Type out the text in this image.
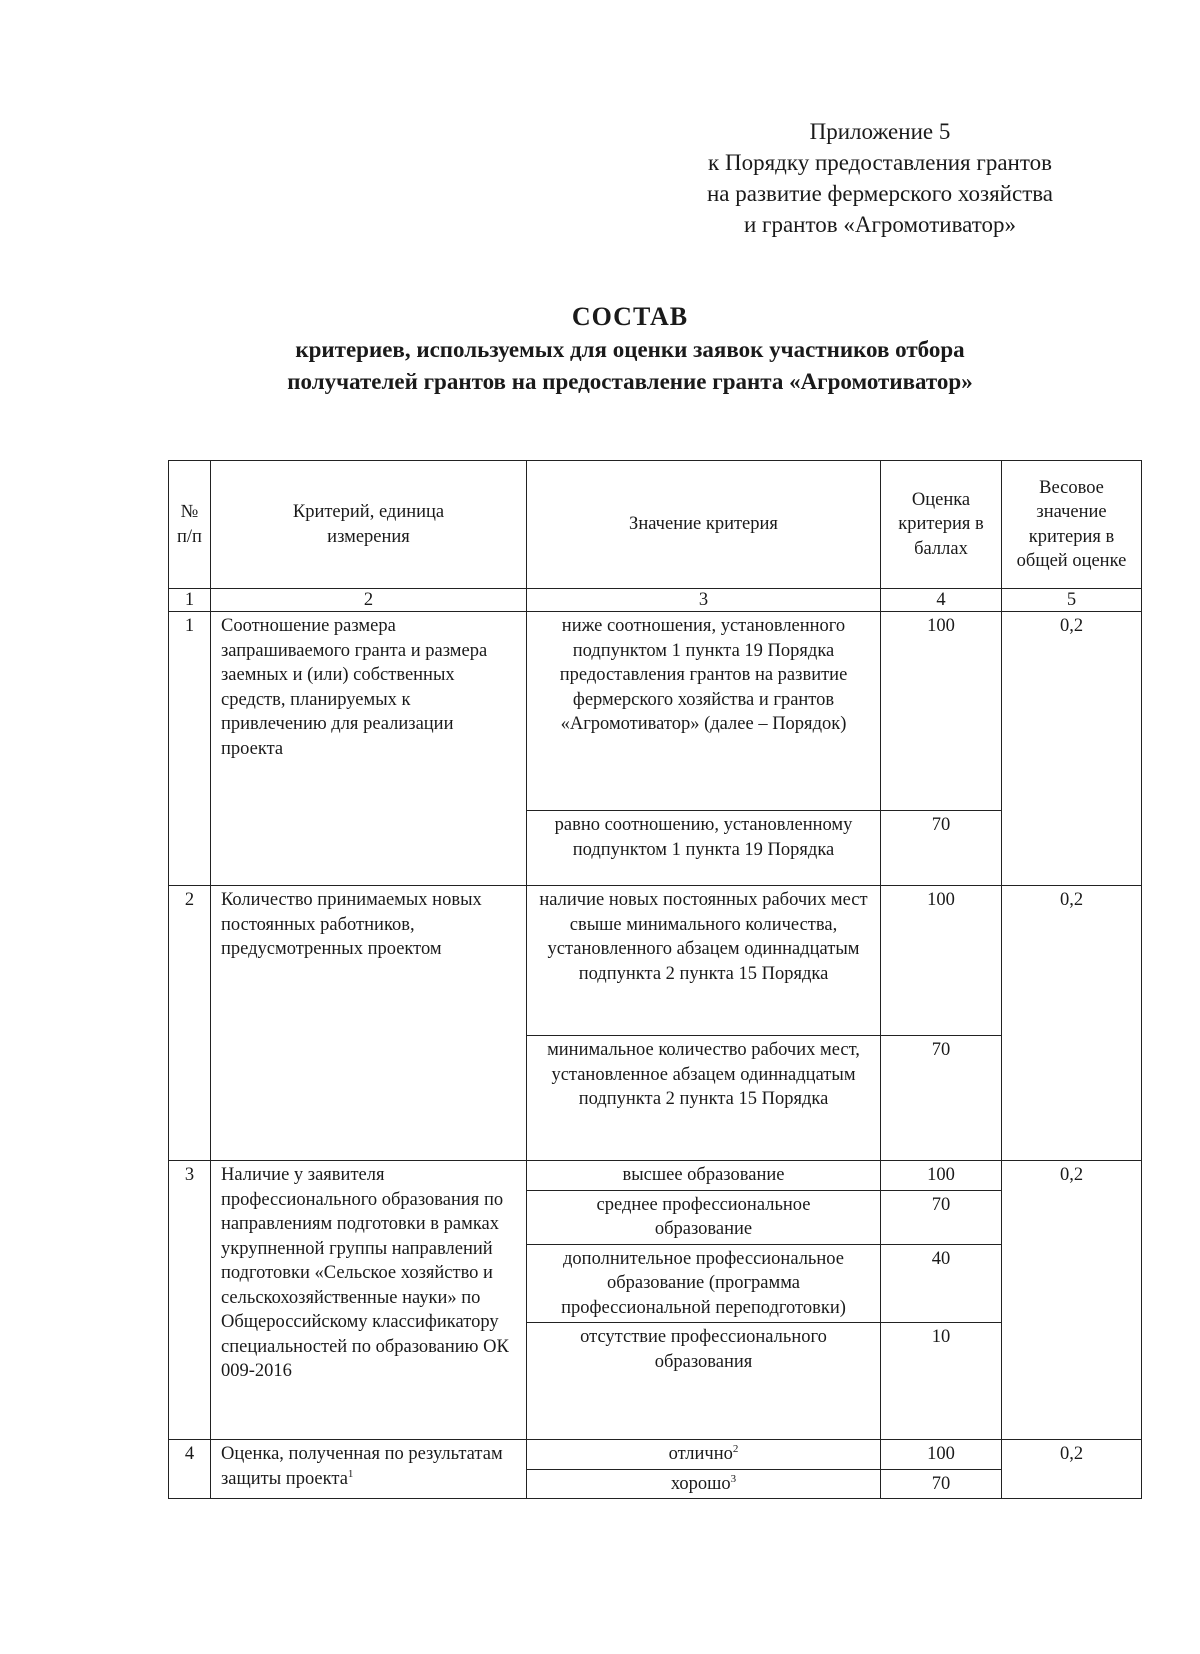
Приложение 5
к Порядку предоставления грантов
на развитие фермерского хозяйства
и грантов «Агромотиватор»
СОСТАВ
критериев, используемых для оценки заявок участников отбора
получателей грантов на предоставление гранта «Агромотиватор»
№ п/п	Критерий, единица измерения	Значение критерия	Оценка критерия в баллах	Весовое значение критерия в общей оценке
1	2	3	4	5
1	Соотношение размера запрашиваемого гранта и размера заемных и (или) собственных средств, планируемых к привлечению для реализации проекта	ниже соотношения, установленного подпунктом 1 пункта 19 Порядка предоставления грантов на развитие фермерского хозяйства и грантов «Агромотиватор» (далее – Порядок)	100	0,2
		равно соотношению, установленному подпунктом 1 пункта 19 Порядка	70	
2	Количество принимаемых новых постоянных работников, предусмотренных проектом	наличие новых постоянных рабочих мест свыше минимального количества, установленного абзацем одиннадцатым подпункта 2 пункта 15 Порядка	100	0,2
		минимальное количество рабочих мест, установленное абзацем одиннадцатым подпункта 2 пункта 15 Порядка	70	
3	Наличие у заявителя профессионального образования по направлениям подготовки в рамках укрупненной группы направлений подготовки «Сельское хозяйство и сельскохозяйственные науки» по Общероссийскому классификатору специальностей по образованию ОК 009-2016	высшее образование	100	0,2
		среднее профессиональное образование	70	
		дополнительное профессиональное образование (программа профессиональной переподготовки)	40	
		отсутствие профессионального образования	10	
4	Оценка, полученная по результатам защиты проекта$^1$	отлично$^2$	100	0,2
		хорошо$^3$	70	
